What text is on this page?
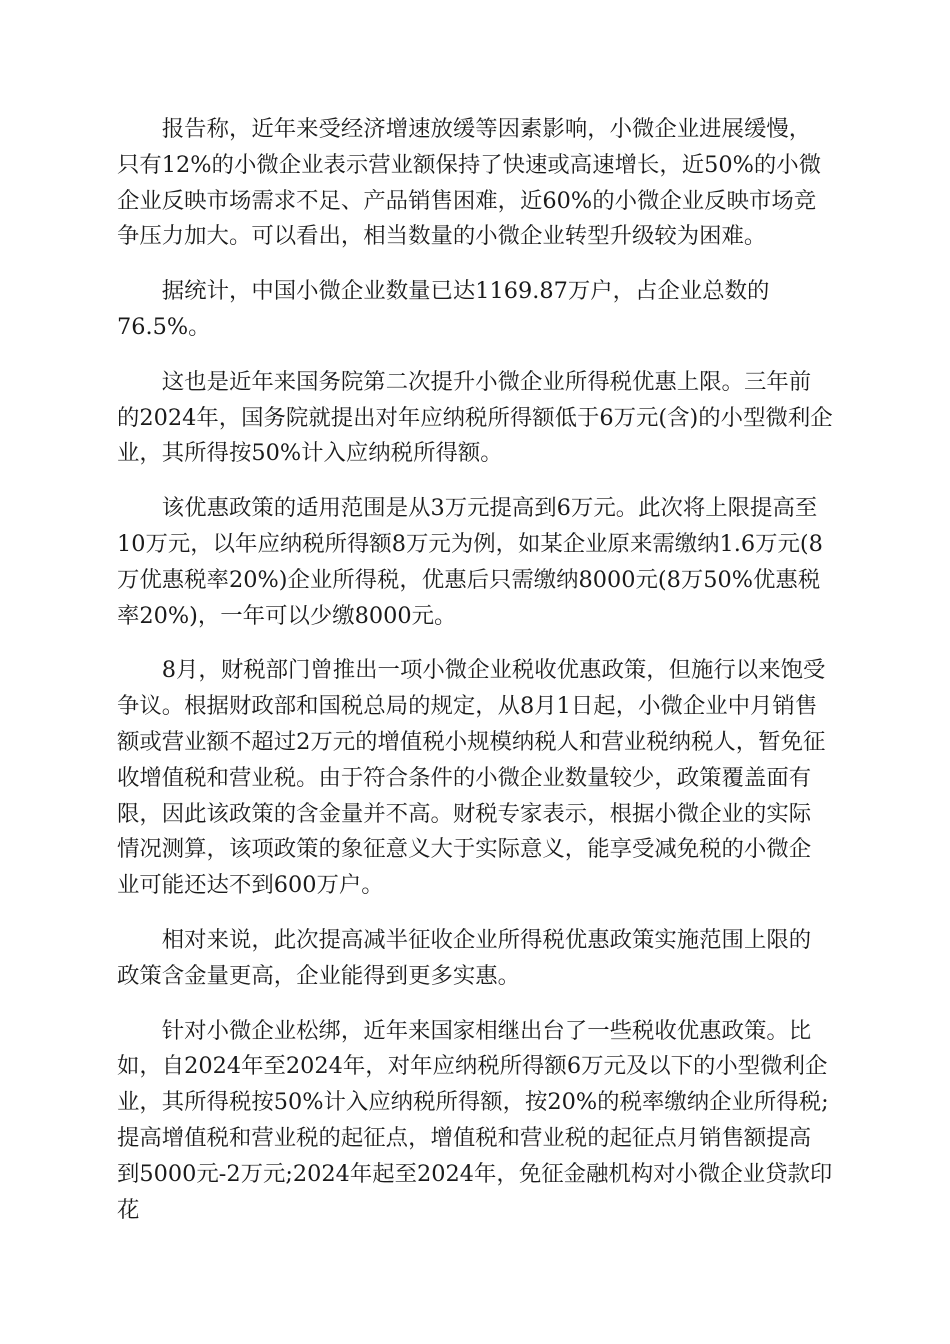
报告称，近年来受经济增速放缓等因素影响，小微企业进展缓慢，只有12%的小微企业表示营业额保持了快速或高速增长，近50%的小微企业反映市场需求不足、产品销售困难，近60%的小微企业反映市场竞争压力加大。可以看出，相当数量的小微企业转型升级较为困难。

据统计，中国小微企业数量已达1169.87万户，占企业总数的76.5%。

这也是近年来国务院第二次提升小微企业所得税优惠上限。三年前的2024年，国务院就提出对年应纳税所得额低于6万元(含)的小型微利企业，其所得按50%计入应纳税所得额。

该优惠政策的适用范围是从3万元提高到6万元。此次将上限提高至10万元，以年应纳税所得额8万元为例，如某企业原来需缴纳1.6万元(8万优惠税率20%)企业所得税，优惠后只需缴纳8000元(8万50%优惠税率20%)，一年可以少缴8000元。

8月，财税部门曾推出一项小微企业税收优惠政策，但施行以来饱受争议。根据财政部和国税总局的规定，从8月1日起，小微企业中月销售额或营业额不超过2万元的增值税小规模纳税人和营业税纳税人，暂免征收增值税和营业税。由于符合条件的小微企业数量较少，政策覆盖面有限，因此该政策的含金量并不高。财税专家表示，根据小微企业的实际情况测算，该项政策的象征意义大于实际意义，能享受减免税的小微企业可能还达不到600万户。

相对来说，此次提高减半征收企业所得税优惠政策实施范围上限的政策含金量更高，企业能得到更多实惠。

针对小微企业松绑，近年来国家相继出台了一些税收优惠政策。比如，自2024年至2024年，对年应纳税所得额6万元及以下的小型微利企业，其所得税按50%计入应纳税所得额，按20%的税率缴纳企业所得税;提高增值税和营业税的起征点，增值税和营业税的起征点月销售额提高到5000元-2万元;2024年起至2024年，免征金融机构对小微企业贷款印花
